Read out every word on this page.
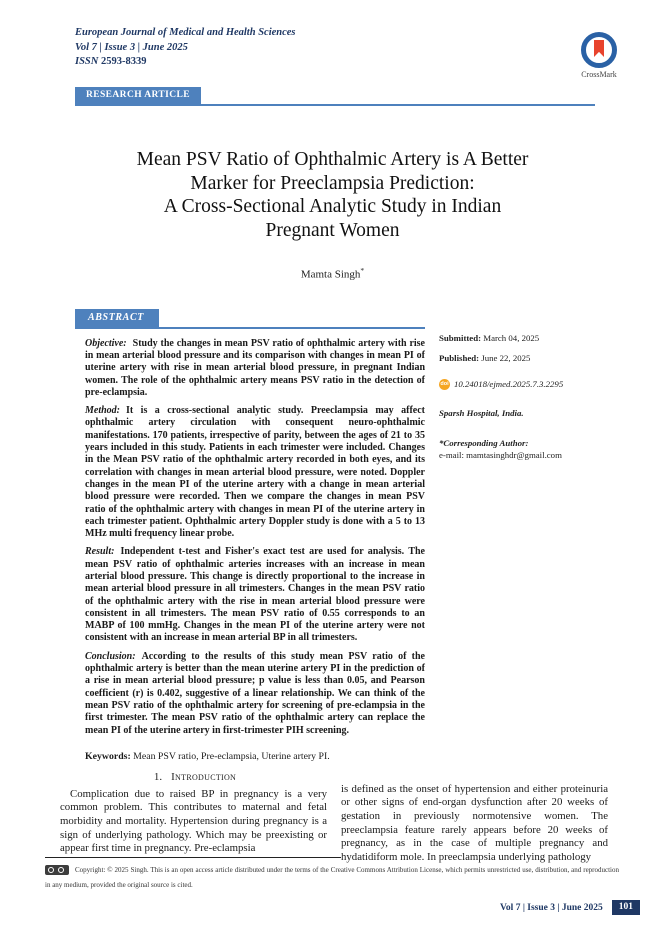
European Journal of Medical and Health Sciences
Vol 7 | Issue 3 | June 2025
ISSN 2593-8339
CrossMark
RESEARCH ARTICLE
Mean PSV Ratio of Ophthalmic Artery is A Better
Marker for Preeclampsia Prediction:
A Cross-Sectional Analytic Study in Indian
Pregnant Women
Mamta Singh*
ABSTRACT

Objective: Study the changes in mean PSV ratio of ophthalmic artery with rise in mean arterial blood pressure and its comparison with changes in mean PI of uterine artery with rise in mean arterial blood pressure, in pregnant Indian women. The role of the ophthalmic artery means PSV ratio in the detection of pre-eclampsia.

Method: It is a cross-sectional analytic study. Preeclampsia may affect ophthalmic artery circulation with consequent neuro-ophthalmic manifestations. 170 patients, irrespective of parity, between the ages of 21 to 35 years included in this study. Patients in each trimester were included. Changes in the Mean PSV ratio of the ophthalmic artery recorded in both eyes, and its correlation with changes in mean arterial blood pressure, were noted. Doppler changes in the mean PI of the uterine artery with a change in mean arterial blood pressure were recorded. Then we compare the changes in mean PSV ratio of the ophthalmic artery with changes in mean PI of the uterine artery in each trimester patient. Ophthalmic artery Doppler study is done with a 5 to 13 MHz multi frequency linear probe.

Result: Independent t-test and Fisher's exact test are used for analysis. The mean PSV ratio of ophthalmic arteries increases with an increase in mean arterial blood pressure. This change is directly proportional to the increase in mean arterial blood pressure in all trimesters. Changes in the mean PSV ratio of the ophthalmic artery with the rise in mean arterial blood pressure were consistent in all trimesters. The mean PSV ratio of 0.55 corresponds to an MABP of 100 mmHg. Changes in the mean PI of the uterine artery were not consistent with an increase in mean arterial BP in all trimesters.

Conclusion: According to the results of this study mean PSV ratio of the ophthalmic artery is better than the mean uterine artery PI in the prediction of a rise in mean arterial blood pressure; p value is less than 0.05, and Pearson coefficient (r) is 0.402, suggestive of a linear relationship. We can think of the mean PSV ratio of the ophthalmic artery for screening of pre-eclampsia in the first trimester. The mean PSV ratio of the ophthalmic artery can replace the mean PI of the uterine artery in first-trimester PIH screening.

Keywords: Mean PSV ratio, Pre-eclampsia, Uterine artery PI.
Submitted: March 04, 2025
Published: June 22, 2025
doi 10.24018/ejmed.2025.7.3.2295
Sparsh Hospital, India.
*Corresponding Author:
e-mail: mamtasinghdr@gmail.com
1. Introduction

Complication due to raised BP in pregnancy is a very common problem. This contributes to maternal and fetal morbidity and mortality. Hypertension during pregnancy is a sign of underlying pathology. Which may be preexisting or appear first time in pregnancy. Pre-eclampsia

is defined as the onset of hypertension and either proteinuria or other signs of end-organ dysfunction after 20 weeks of gestation in previously normotensive women. The preeclampsia feature rarely appears before 20 weeks of pregnancy, as in the case of multiple pregnancy and hydatidiform mole. In preeclampsia underlying pathology

Copyright: © 2025 Singh. This is an open access article distributed under the terms of the Creative Commons Attribution License, which permits unrestricted use, distribution, and reproduction in any medium, provided the original source is cited.
Vol 7 | Issue 3 | June 2025	101
